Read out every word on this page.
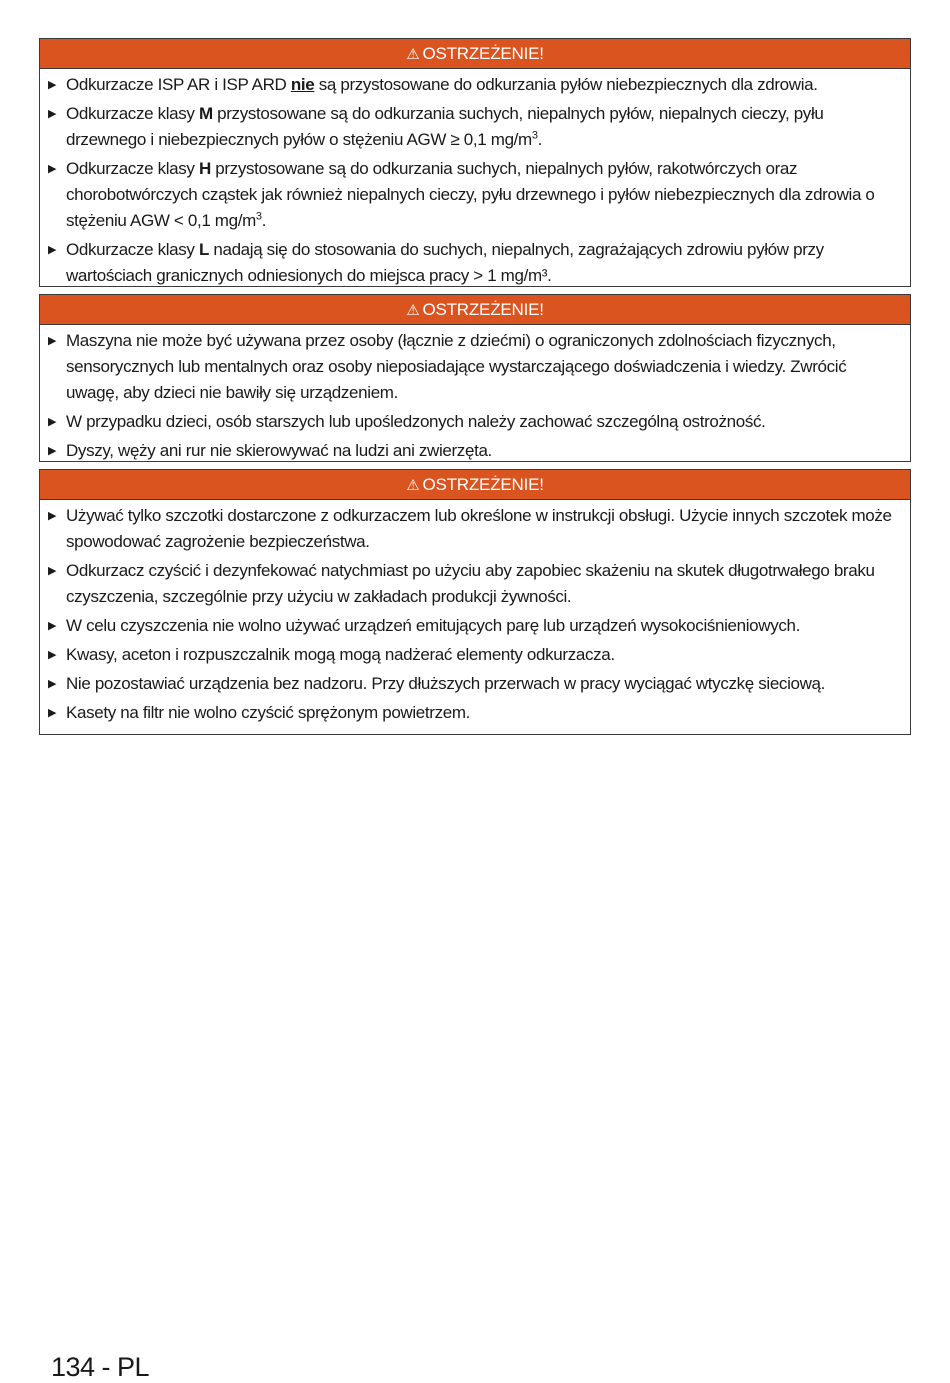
⚠ OSTRZEŻENIE!
▶ Odkurzacze ISP AR i ISP ARD nie są przystosowane do odkurzania pyłów niebezpiecznych dla zdrowia.
▶ Odkurzacze klasy M przystosowane są do odkurzania suchych, niepalnych pyłów, niepalnych cieczy, pyłu drzewnego i niebezpiecznych pyłów o stężeniu AGW ≥ 0,1 $mg/m^3$.
▶ Odkurzacze klasy H przystosowane są do odkurzania suchych, niepalnych pyłów, rakotwórczych oraz chorobotwórczych cząstek jak również niepalnych cieczy, pyłu drzewnego i pyłów niebezpiecznych dla zdrowia o stężeniu AGW < 0,1 $mg/m^3$.
▶ Odkurzacze klasy L nadają się do stosowania do suchych, niepalnych, zagrażających zdrowiu pyłów przy wartościach granicznych odniesionych do miejsca pracy > 1 mg/m³.
⚠ OSTRZEŻENIE!
▶ Maszyna nie może być używana przez osoby (łącznie z dziećmi) o ograniczonych zdolnościach fizycznych, sensorycznych lub mentalnych oraz osoby nieposiadające wystarczającego doświadczenia i wiedzy. Zwrócić uwagę, aby dzieci nie bawiły się urządzeniem.
▶ W przypadku dzieci, osób starszych lub upośledzonych należy zachować szczególną ostrożność.
▶ Dyszy, węży ani rur nie skierowywać na ludzi ani zwierzęta.
⚠ OSTRZEŻENIE!
▶ Używać tylko szczotki dostarczone z odkurzaczem lub określone w instrukcji obsługi. Użycie innych szczotek może spowodować zagrożenie bezpieczeństwa.
▶ Odkurzacz czyścić i dezynfekować natychmiast po użyciu aby zapobiec skażeniu na skutek długotrwałego braku czyszczenia, szczególnie przy użyciu w zakładach produkcji żywności.
▶ W celu czyszczenia nie wolno używać urządzeń emitujących parę lub urządzeń wysokociśnieniowych.
▶ Kwasy, aceton i rozpuszczalnik mogą mogą nadżerać elementy odkurzacza.
▶ Nie pozostawiać urządzenia bez nadzoru. Przy dłuższych przerwach w pracy wyciągać wtyczkę sieciową.
▶ Kasety na filtr nie wolno czyścić sprężonym powietrzem.
134 - PL
